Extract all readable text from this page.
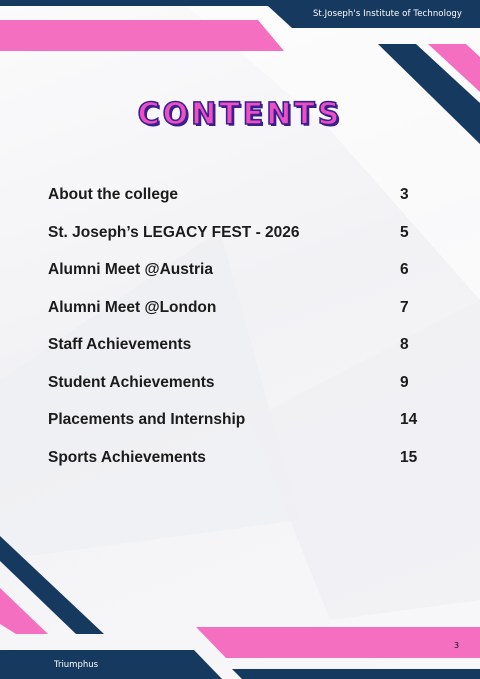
St.Joseph's Institute of Technology
CONTENTS
About the college	3
St. Joseph’s LEGACY FEST - 2026	5
Alumni Meet @Austria	6
Alumni Meet @London	7
Staff Achievements	8
Student Achievements	9
Placements and Internship	14
Sports Achievements	15
3
Triumphus
